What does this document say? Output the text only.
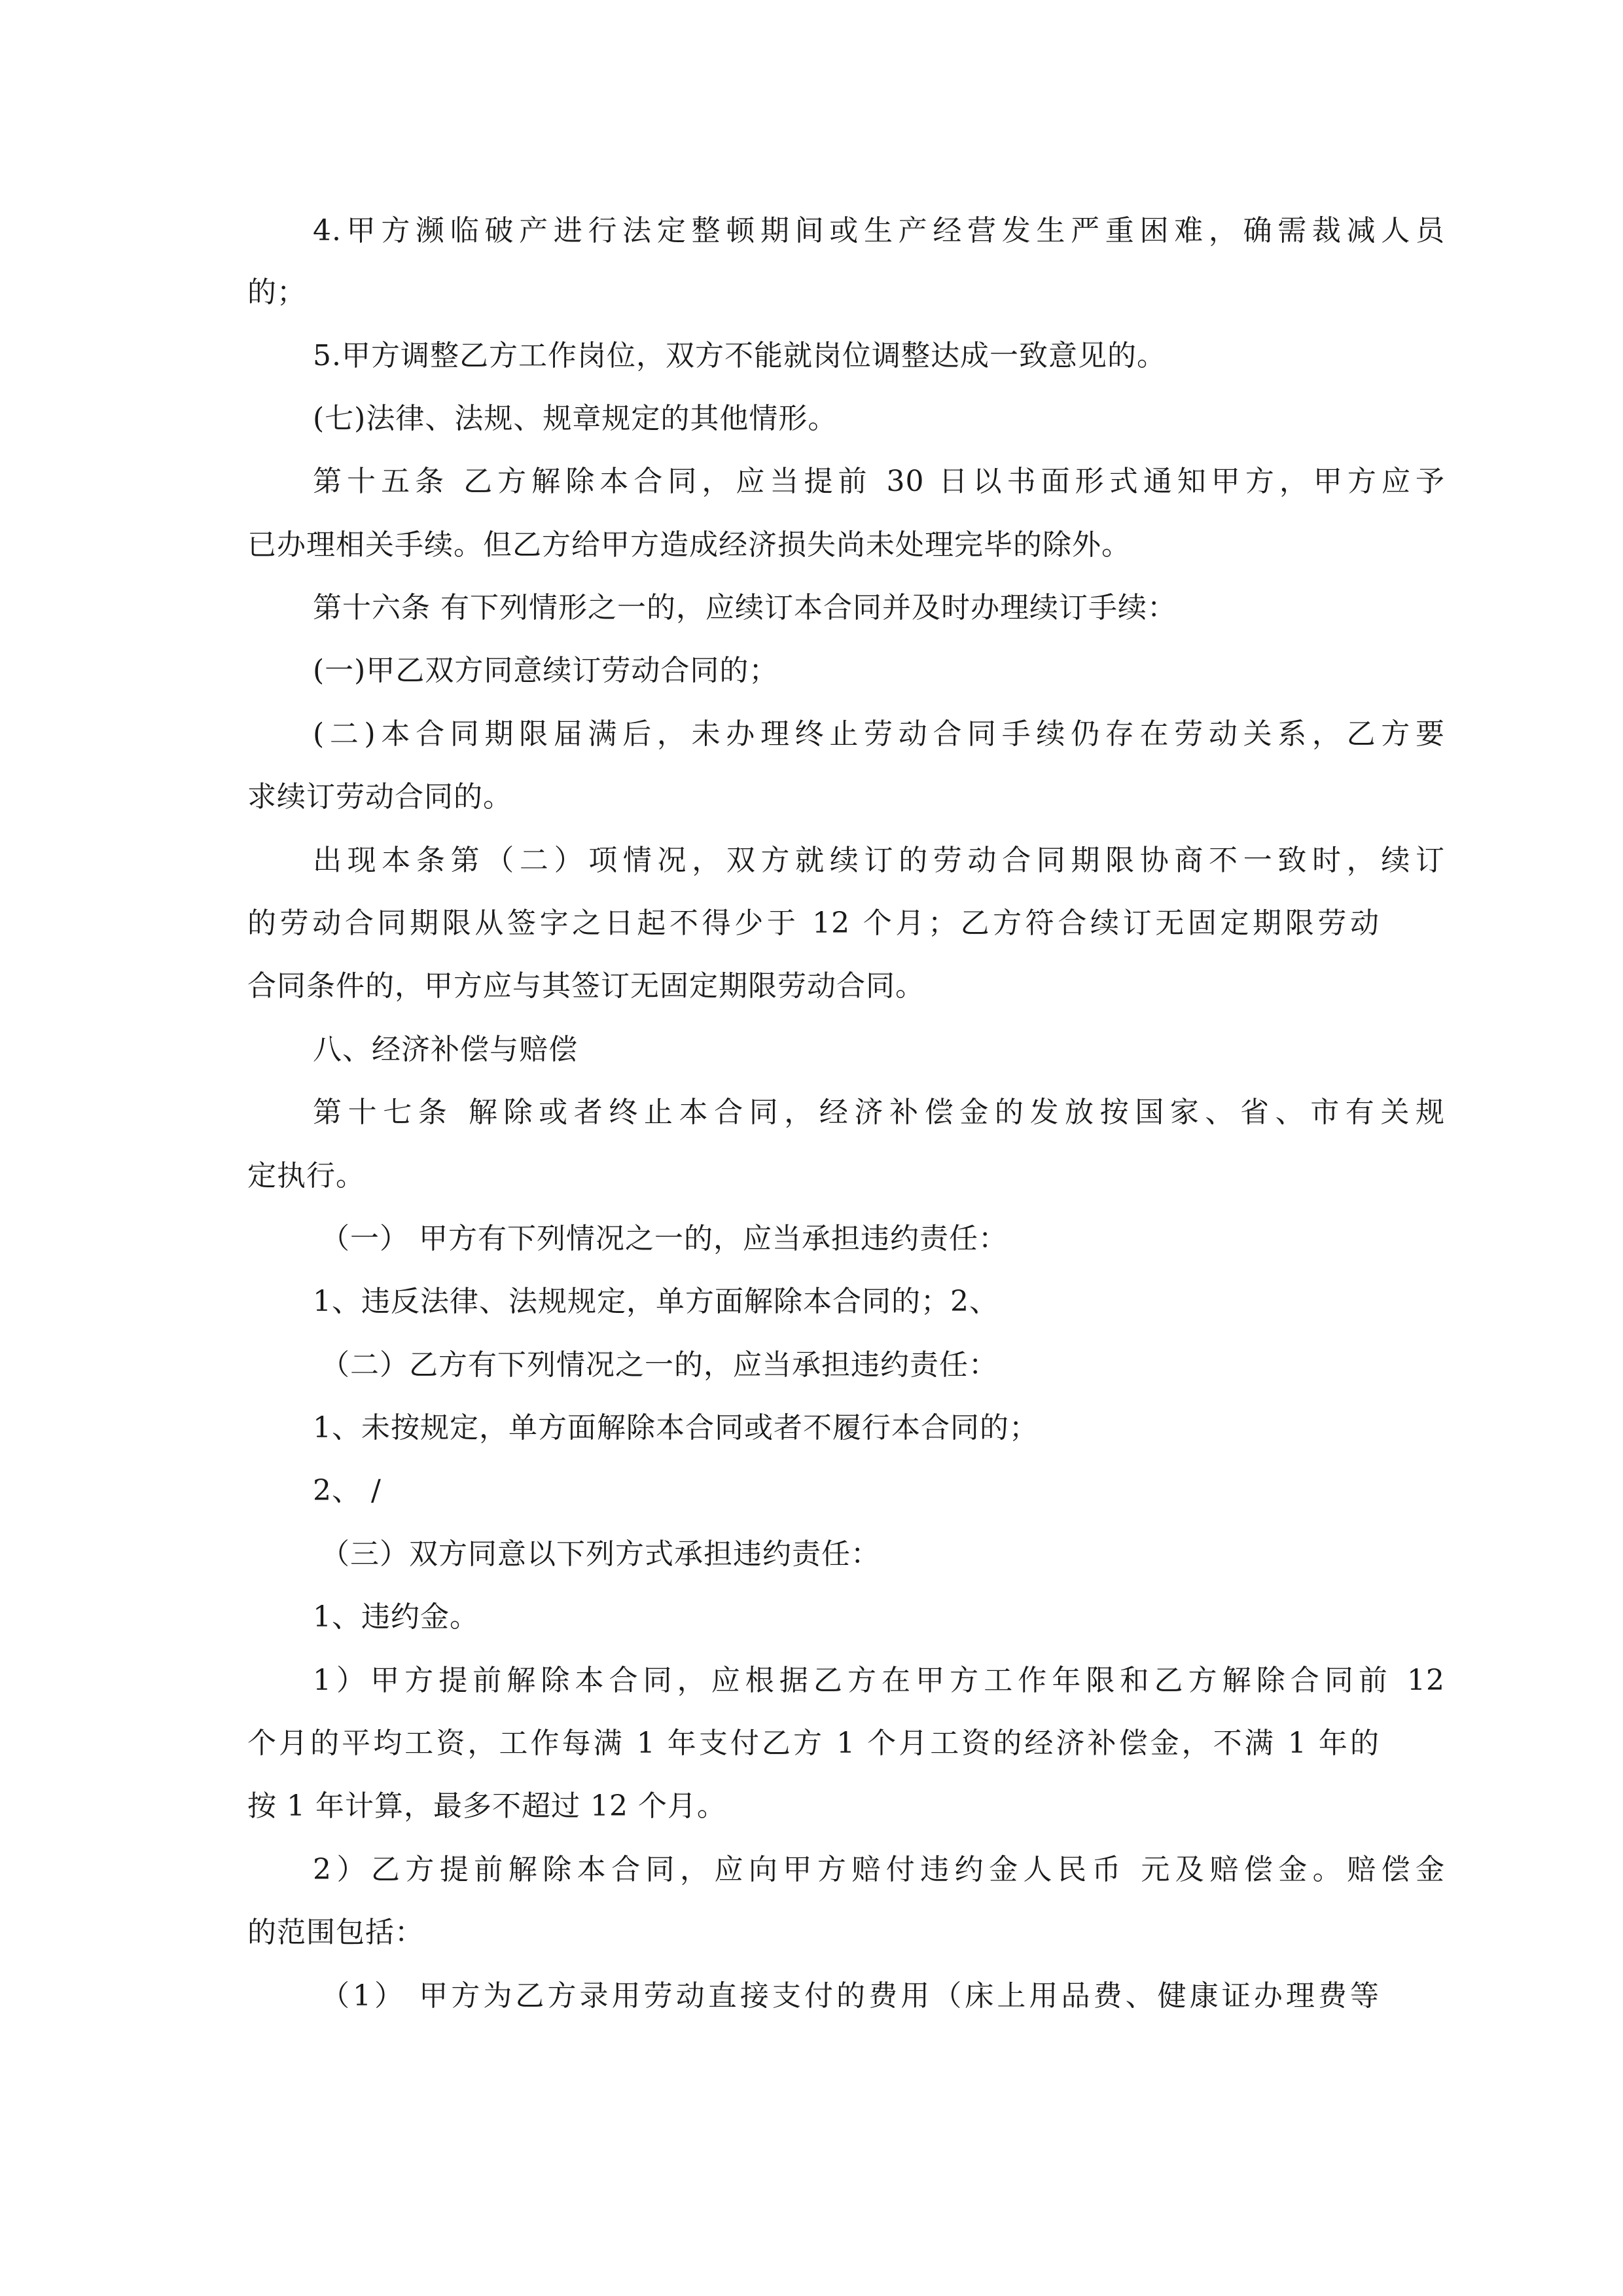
4.甲方濒临破产进行法定整顿期间或生产经营发生严重困难，确需裁减人员
的；
5.甲方调整乙方工作岗位，双方不能就岗位调整达成一致意见的。
(七)法律、法规、规章规定的其他情形。
第十五条 乙方解除本合同，应当提前 30 日以书面形式通知甲方，甲方应予
已办理相关手续。但乙方给甲方造成经济损失尚未处理完毕的除外。
第十六条 有下列情形之一的，应续订本合同并及时办理续订手续：
(一)甲乙双方同意续订劳动合同的；
(二)本合同期限届满后，未办理终止劳动合同手续仍存在劳动关系，乙方要
求续订劳动合同的。
出现本条第（二）项情况，双方就续订的劳动合同期限协商不一致时，续订
的劳动合同期限从签字之日起不得少于 12 个月；乙方符合续订无固定期限劳动
合同条件的，甲方应与其签订无固定期限劳动合同。
八、经济补偿与赔偿
第十七条 解除或者终止本合同，经济补偿金的发放按国家、省、市有关规
定执行。
（一） 甲方有下列情况之一的，应当承担违约责任：
1、违反法律、法规规定，单方面解除本合同的；2、
（二）乙方有下列情况之一的，应当承担违约责任：
1、未按规定，单方面解除本合同或者不履行本合同的；
2、 /
（三）双方同意以下列方式承担违约责任：
1、违约金。
1）甲方提前解除本合同，应根据乙方在甲方工作年限和乙方解除合同前 12
个月的平均工资，工作每满 1 年支付乙方 1 个月工资的经济补偿金，不满 1 年的
按 1 年计算，最多不超过 12 个月。
2）乙方提前解除本合同，应向甲方赔付违约金人民币 元及赔偿金。赔偿金
的范围包括：
（1） 甲方为乙方录用劳动直接支付的费用（床上用品费、健康证办理费等
